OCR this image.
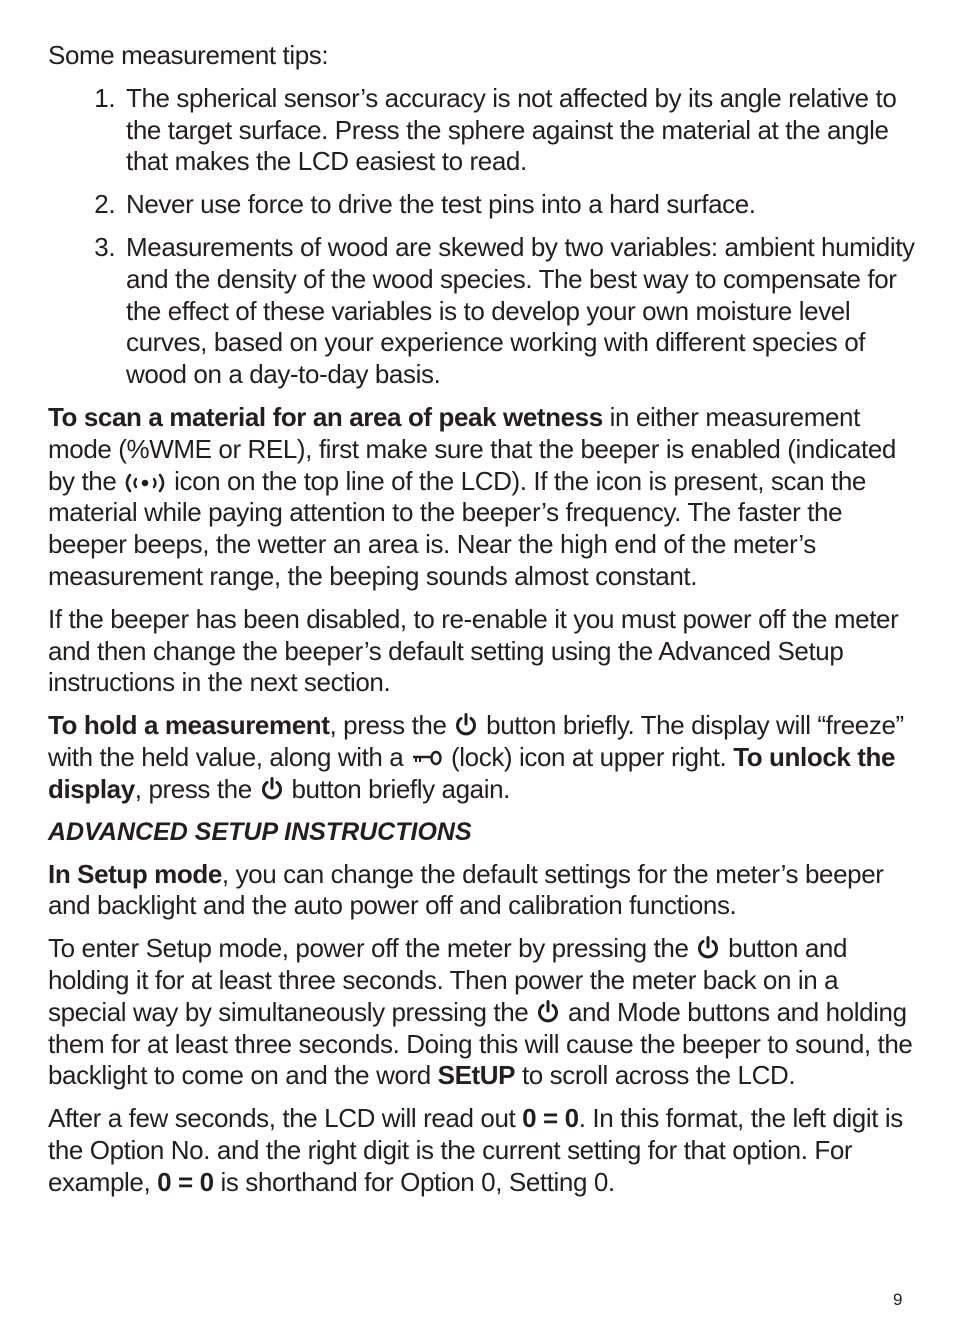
Some measurement tips:

1. The spherical sensor’s accuracy is not affected by its angle relative to the target surface. Press the sphere against the material at the angle that makes the LCD easiest to read.
2. Never use force to drive the test pins into a hard surface.
3. Measurements of wood are skewed by two variables: ambient humidity and the density of the wood species. The best way to compensate for the effect of these variables is to develop your own moisture level curves, based on your experience working with different species of wood on a day-to-day basis.

To scan a material for an area of peak wetness in either measurement mode (%WME or REL), first make sure that the beeper is enabled (indicated by the
icon on the top line of the LCD). If the icon is present, scan the material while paying attention to the beeper’s frequency. The faster the beeper beeps, the wetter an area is. Near the high end of the meter’s measurement range, the beeping sounds almost constant.

If the beeper has been disabled, to re-enable it you must power off the meter and then change the beeper’s default setting using the Advanced Setup instructions in the next section.

To hold a measurement, press the
button briefly. The display will “freeze” with the held value, along with a
(lock) icon at upper right. To unlock the display, press the
button briefly again.

ADVANCED SETUP INSTRUCTIONS

In Setup mode, you can change the default settings for the meter’s beeper and backlight and the auto power off and calibration functions.

To enter Setup mode, power off the meter by pressing the
button and holding it for at least three seconds. Then power the meter back on in a special way by simultaneously pressing the
and Mode buttons and holding them for at least three seconds. Doing this will cause the beeper to sound, the backlight to come on and the word SEtUP to scroll across the LCD.

After a few seconds, the LCD will read out 0 = 0. In this format, the left digit is the Option No. and the right digit is the current setting for that option. For example, 0 = 0 is shorthand for Option 0, Setting 0.

9
